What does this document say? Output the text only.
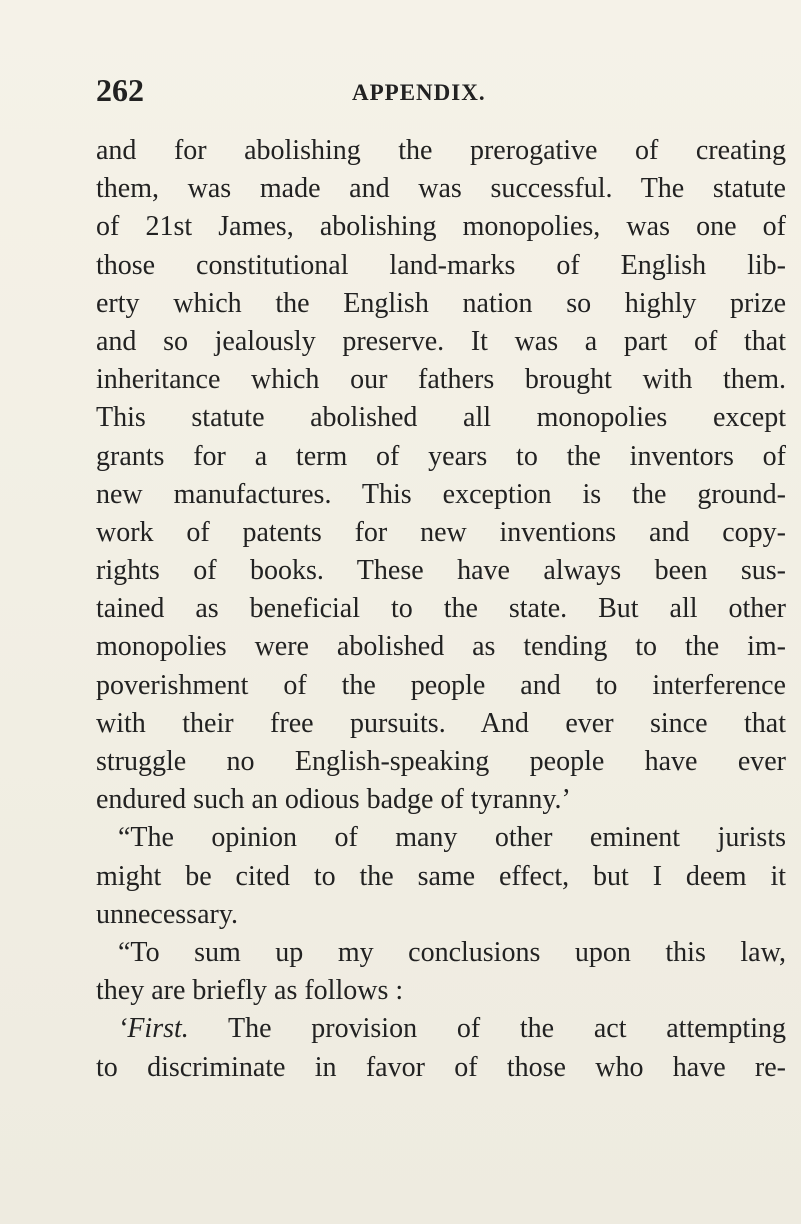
262	APPENDIX.
and for abolishing the prerogative of creating
them, was made and was successful. The statute
of 21st James, abolishing monopolies, was one of
those constitutional land-marks of English lib-
erty which the English nation so highly prize
and so jealously preserve. It was a part of that
inheritance which our fathers brought with them.
This statute abolished all monopolies except
grants for a term of years to the inventors of
new manufactures. This exception is the ground-
work of patents for new inventions and copy-
rights of books. These have always been sus-
tained as beneficial to the state. But all other
monopolies were abolished as tending to the im-
poverishment of the people and to interference
with their free pursuits. And ever since that
struggle no English-speaking people have ever
endured such an odious badge of tyranny.’
“The opinion of many other eminent jurists
might be cited to the same effect, but I deem it
unnecessary.
“To sum up my conclusions upon this law,
they are briefly as follows :
‘First. The provision of the act attempting
to discriminate in favor of those who have re-
